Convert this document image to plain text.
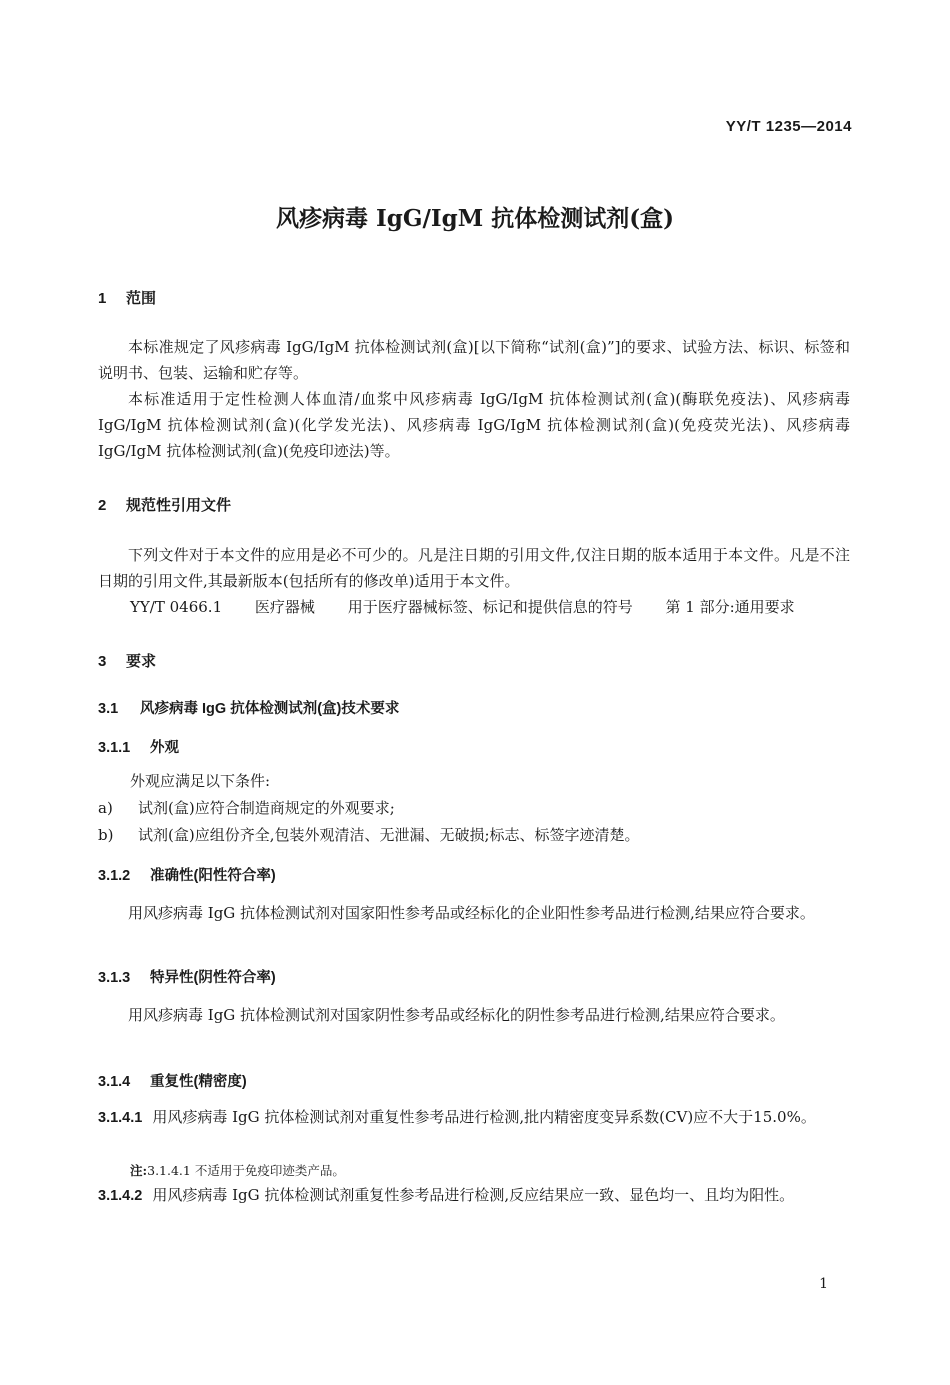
YY/T 1235—2014
风疹病毒 IgG/IgM 抗体检测试剂(盒)
1 范围

本标准规定了风疹病毒 IgG/IgM 抗体检测试剂(盒)[以下简称“试剂(盒)”]的要求、试验方法、标识、标签和说明书、包装、运输和贮存等。

本标准适用于定性检测人体血清/血浆中风疹病毒 IgG/IgM 抗体检测试剂(盒)(酶联免疫法)、风疹病毒 IgG/IgM 抗体检测试剂(盒)(化学发光法)、风疹病毒 IgG/IgM 抗体检测试剂(盒)(免疫荧光法)、风疹病毒 IgG/IgM 抗体检测试剂(盒)(免疫印迹法)等。

2 规范性引用文件

下列文件对于本文件的应用是必不可少的。凡是注日期的引用文件,仅注日期的版本适用于本文件。凡是不注日期的引用文件,其最新版本(包括所有的修改单)适用于本文件。

YY/T 0466.1 医疗器械 用于医疗器械标签、标记和提供信息的符号 第 1 部分:通用要求
3 要求
3.1 风疹病毒 IgG 抗体检测试剂(盒)技术要求
3.1.1 外观
外观应满足以下条件:
a) 试剂(盒)应符合制造商规定的外观要求;
b) 试剂(盒)应组份齐全,包装外观清洁、无泄漏、无破损;标志、标签字迹清楚。
3.1.2 准确性(阳性符合率)

用风疹病毒 IgG 抗体检测试剂对国家阳性参考品或经标化的企业阳性参考品进行检测,结果应符合要求。

3.1.3 特异性(阴性符合率)

用风疹病毒 IgG 抗体检测试剂对国家阴性参考品或经标化的阴性参考品进行检测,结果应符合要求。

3.1.4 重复性(精密度)

3.1.4.1 用风疹病毒 IgG 抗体检测试剂对重复性参考品进行检测,批内精密度变异系数(CV)应不大于15.0%。

注:3.1.4.1 不适用于免疫印迹类产品。

3.1.4.2 用风疹病毒 IgG 抗体检测试剂重复性参考品进行检测,反应结果应一致、显色均一、且均为阳性。

1
